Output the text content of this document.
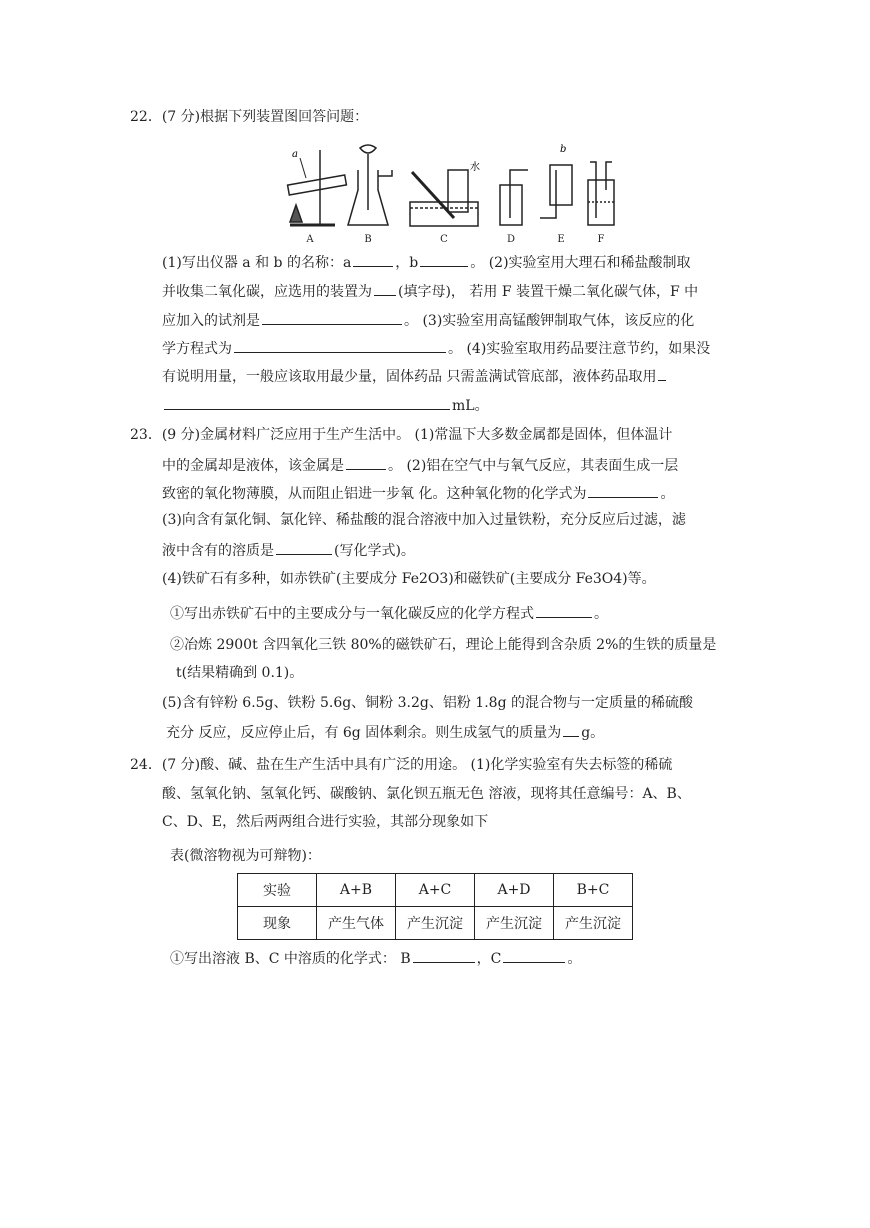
22．(7 分)根据下列装置图回答问题：
a
水
b
A	B	C	D	E	F
(1)写出仪器 a 和 b 的名称：a	，b	。 (2)实验室用大理石和稀盐酸制取
并收集二氧化碳，应选用的装置为 (填字母)， 若用 F 装置干燥二氧化碳气体，F 中
应加入的试剂是	。 (3)实验室用高锰酸钾制取气体，该反应的化
学方程式为	。 (4)实验室取用药品要注意节约，如果没
有说明用量，一般应该取用最少量，固体药品 只需盖满试管底部，液体药品取用
mL。
23．(9 分)金属材料广泛应用于生产生活中。 (1)常温下大多数金属都是固体，但体温计
中的金属却是液体，该金属是	。 (2)铝在空气中与氧气反应，其表面生成一层
致密的氧化物薄膜，从而阻止铝进一步氧 化。这种氧化物的化学式为	。
(3)向含有氯化铜、氯化锌、稀盐酸的混合溶液中加入过量铁粉，充分反应后过滤，滤
液中含有的溶质是	(写化学式)。
(4)铁矿石有多种，如赤铁矿(主要成分 Fe2O3)和磁铁矿(主要成分 Fe3O4)等。
①写出赤铁矿石中的主要成分与一氧化碳反应的化学方程式	。
②冶炼 2900t 含四氧化三铁 80%的磁铁矿石，理论上能得到含杂质 2%的生铁的质量是
t(结果精确到 0.1)。
(5)含有锌粉 6.5g、铁粉 5.6g、铜粉 3.2g、铝粉 1.8g 的混合物与一定质量的稀硫酸
充分 反应，反应停止后，有 6g 固体剩余。则生成氢气的质量为 g。
24．(7 分)酸、碱、盐在生产生活中具有广泛的用途。 (1)化学实验室有失去标签的稀硫
酸、氢氧化钠、氢氧化钙、碳酸钠、氯化钡五瓶无色 溶液，现将其任意编号：A、B、
C、D、E，然后两两组合进行实验，其部分现象如下
表(微溶物视为可辩物)：
实验	A+B	A+C	A+D	B+C
现象	产生气体	产生沉淀	产生沉淀	产生沉淀
①写出溶液 B、C 中溶质的化学式： B	，C	。
